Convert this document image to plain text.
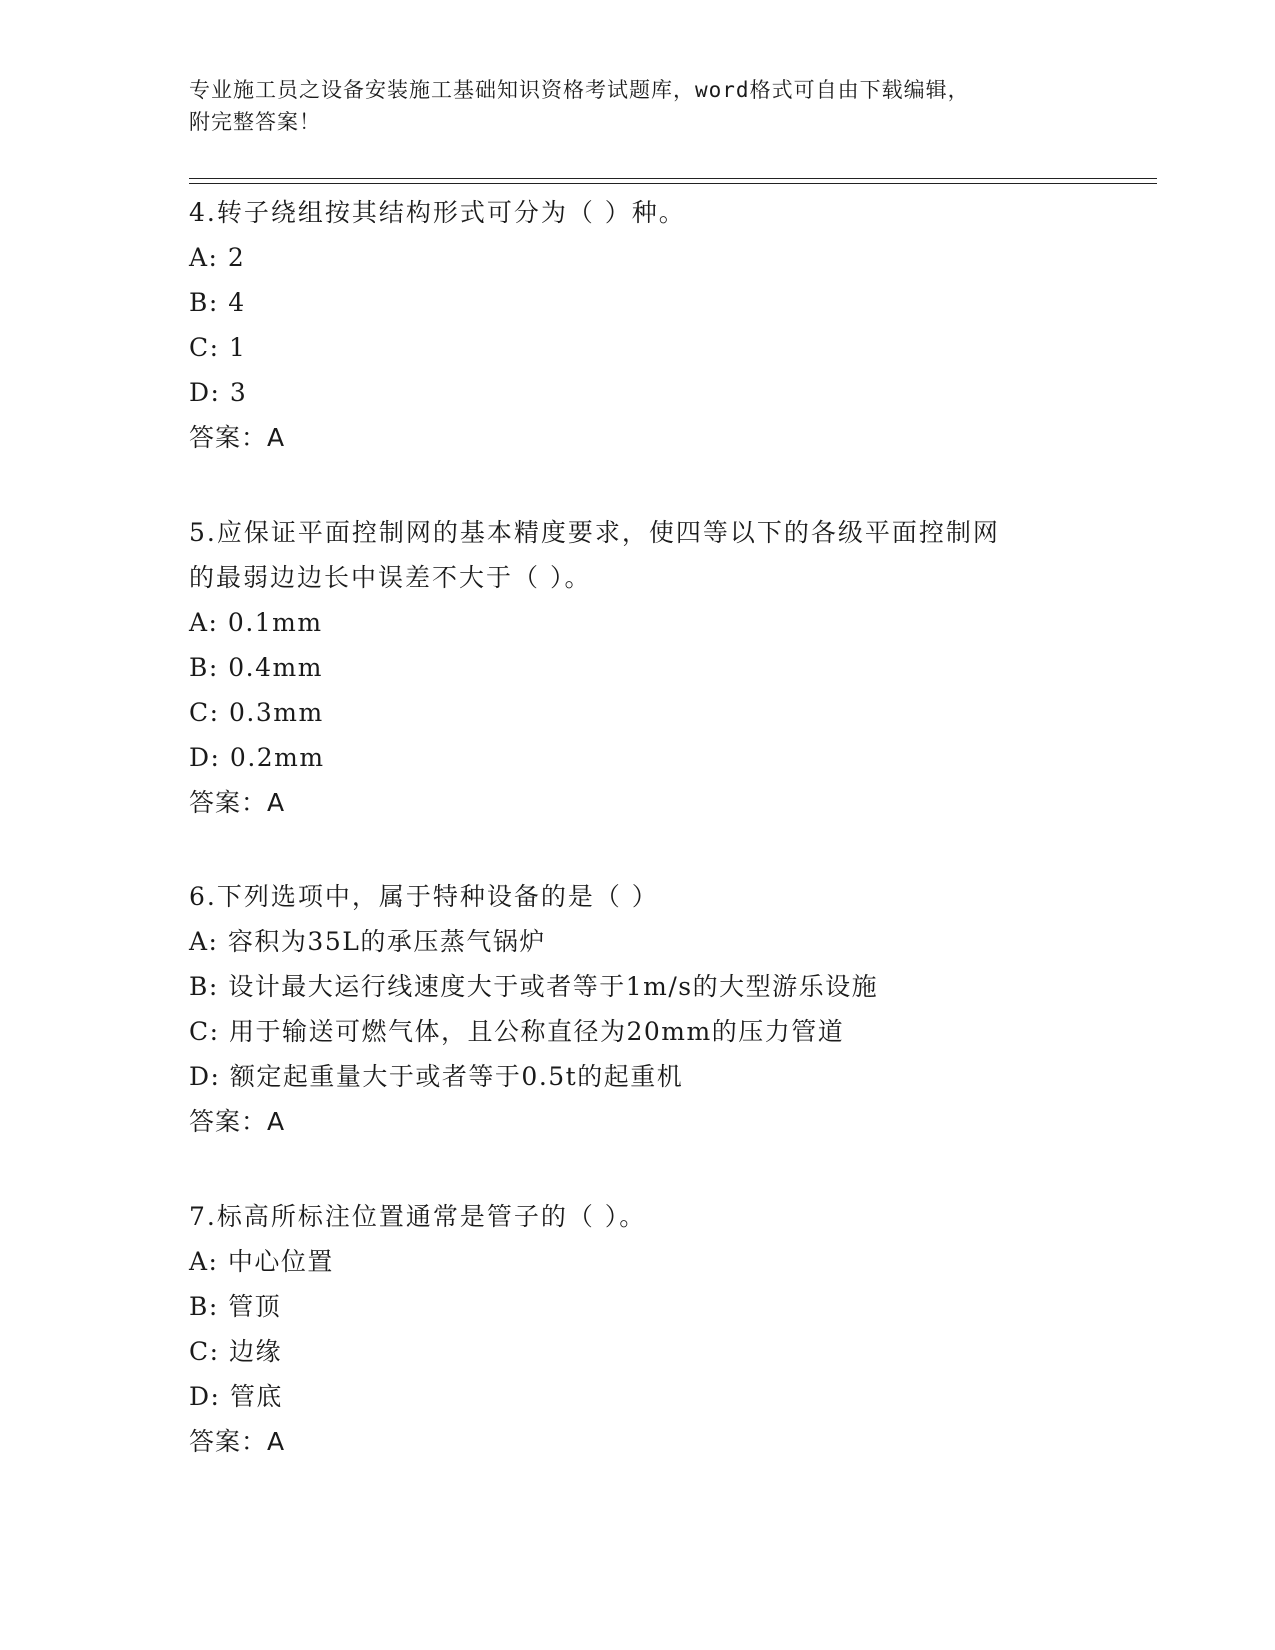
专业施工员之设备安装施工基础知识资格考试题库，word格式可自由下载编辑，
附完整答案！

4.转子绕组按其结构形式可分为（ ）种。

A: 2

B: 4

C: 1

D: 3

答案：A

5.应保证平面控制网的基本精度要求，使四等以下的各级平面控制网

的最弱边边长中误差不大于（ ）。

A: 0.1mm

B: 0.4mm

C: 0.3mm

D: 0.2mm

答案：A

6.下列选项中，属于特种设备的是（ ）

A: 容积为35L的承压蒸气锅炉

B: 设计最大运行线速度大于或者等于1m/s的大型游乐设施

C: 用于输送可燃气体，且公称直径为20mm的压力管道

D: 额定起重量大于或者等于0.5t的起重机

答案：A

7.标高所标注位置通常是管子的（ ）。

A: 中心位置

B: 管顶

C: 边缘

D: 管底

答案：A
